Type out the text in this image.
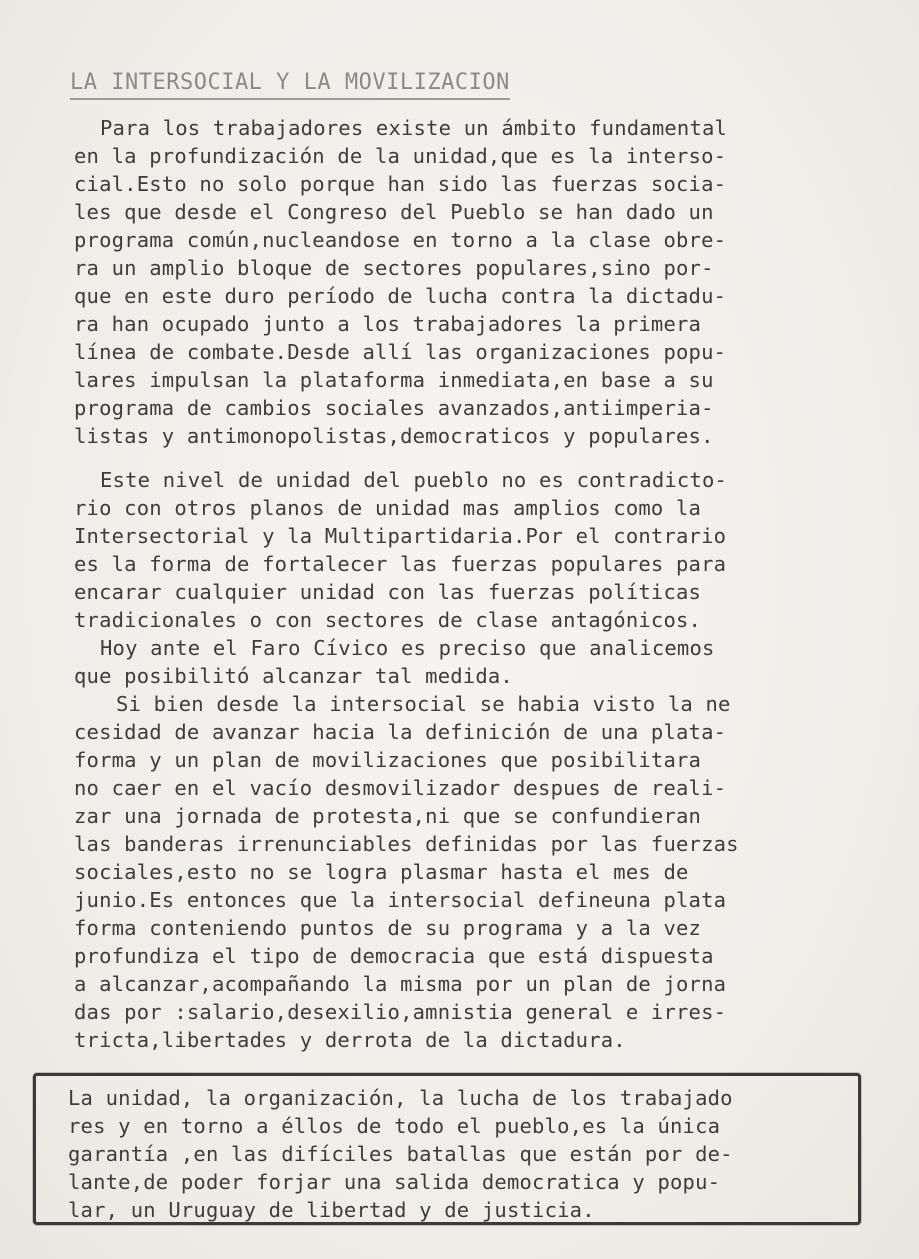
LA INTERSOCIAL Y LA MOVILIZACION
Para los trabajadores existe un ámbito fundamental
en la profundización de la unidad,que es la interso-
cial.Esto no solo porque han sido las fuerzas socia-
les que desde el Congreso del Pueblo se han dado un
programa común,nucleandose en torno a la clase obre-
ra un amplio bloque de sectores populares,sino por-
que en este duro período de lucha contra la dictadu-
ra han ocupado junto a los trabajadores la primera
línea de combate.Desde allí las organizaciones popu-
lares impulsan la plataforma inmediata,en base a su
programa de cambios sociales avanzados,antiimperia-
listas y antimonopolistas,democraticos y populares.
Este nivel de unidad del pueblo no es contradicto-
rio con otros planos de unidad mas amplios como la
Intersectorial y la Multipartidaria.Por el contrario
es la forma de fortalecer las fuerzas populares para
encarar cualquier unidad con las fuerzas políticas
tradicionales o con sectores de clase antagónicos.
Hoy ante el Faro Cívico es preciso que analicemos
que posibilitó alcanzar tal medida.
Si bien desde la intersocial se habia visto la ne
cesidad de avanzar hacia la definición de una plata-
forma y un plan de movilizaciones que posibilitara
no caer en el vacío desmovilizador despues de reali-
zar una jornada de protesta,ni que se confundieran
las banderas irrenunciables definidas por las fuerzas
sociales,esto no se logra plasmar hasta el mes de
junio.Es entonces que la intersocial defineuna plata
forma conteniendo puntos de su programa y a la vez
profundiza el tipo de democracia que está dispuesta
a alcanzar,acompañando la misma por un plan de jorna
das por :salario,desexilio,amnistia general e irres-
tricta,libertades y derrota de la dictadura.
La unidad, la organización, la lucha de los trabajado
res y en torno a éllos de todo el pueblo,es la única
garantía ,en las difíciles batallas que están por de-
lante,de poder forjar una salida democratica y popu-
lar, un Uruguay de libertad y de justicia.
